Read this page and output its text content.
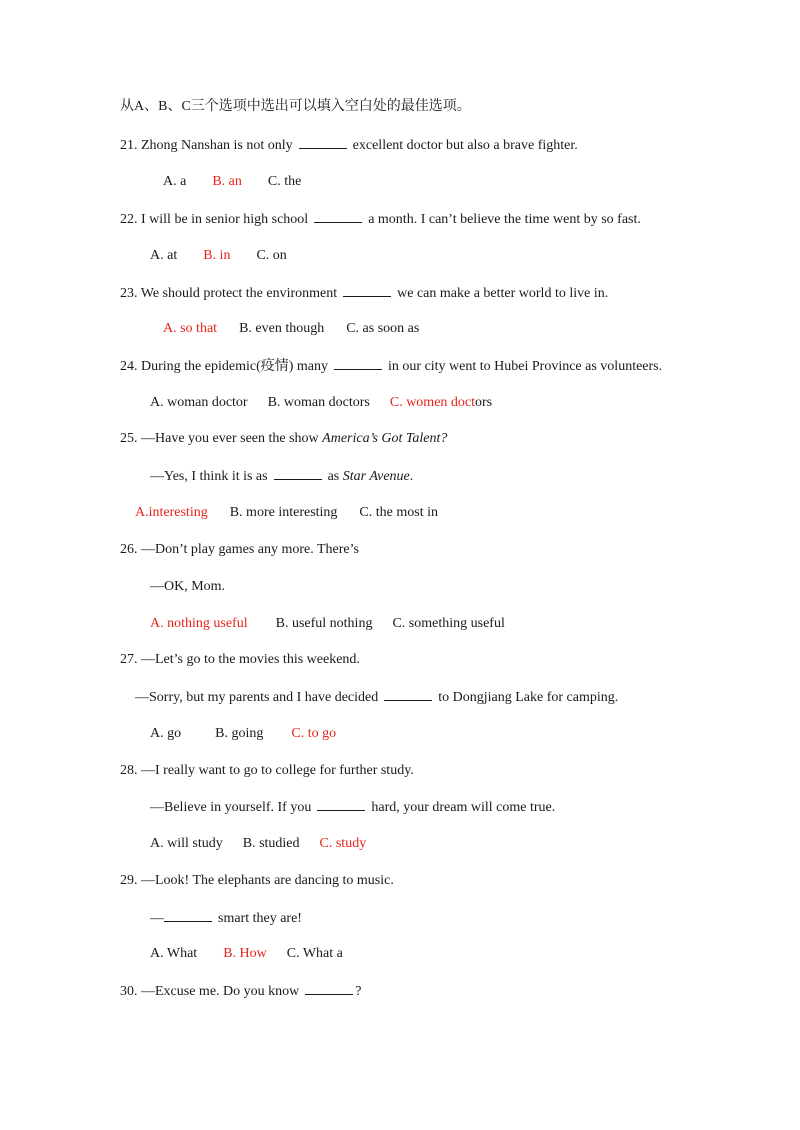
从A、B、C三个选项中选出可以填入空白处的最佳选项。
21. Zhong Nanshan is not only	excellent doctor but also a brave fighter.
A. a B. an C. the
22. I will be in senior high school	a month. I can’t believe the time went by so fast.
A. at B. in C. on
23. We should protect the environment	we can make a better world to live in.
A. so that B. even though C. as soon as
24. During the epidemic(疫情) many	in our city went to Hubei Province as volunteers.
A. woman doctor B. woman doctors C. women doctors
25. —Have you ever seen the show America’s Got Talent?
—Yes, I think it is as	as Star Avenue.
A.interesting B. more interesting C. the most in
26. —Don’t play games any more. There’s
—OK, Mom.
A. nothing useful B. useful nothing C. something useful
27. —Let’s go to the movies this weekend.
—Sorry, but my parents and I have decided	to Dongjiang Lake for camping.
A. go B. going C. to go
28. —I really want to go to college for further study.
—Believe in yourself. If you	hard, your dream will come true.
A. will study B. studied C. study
29. —Look! The elephants are dancing to music.
—	smart they are!
A. What B. How C. What a
30. —Excuse me. Do you know	?
